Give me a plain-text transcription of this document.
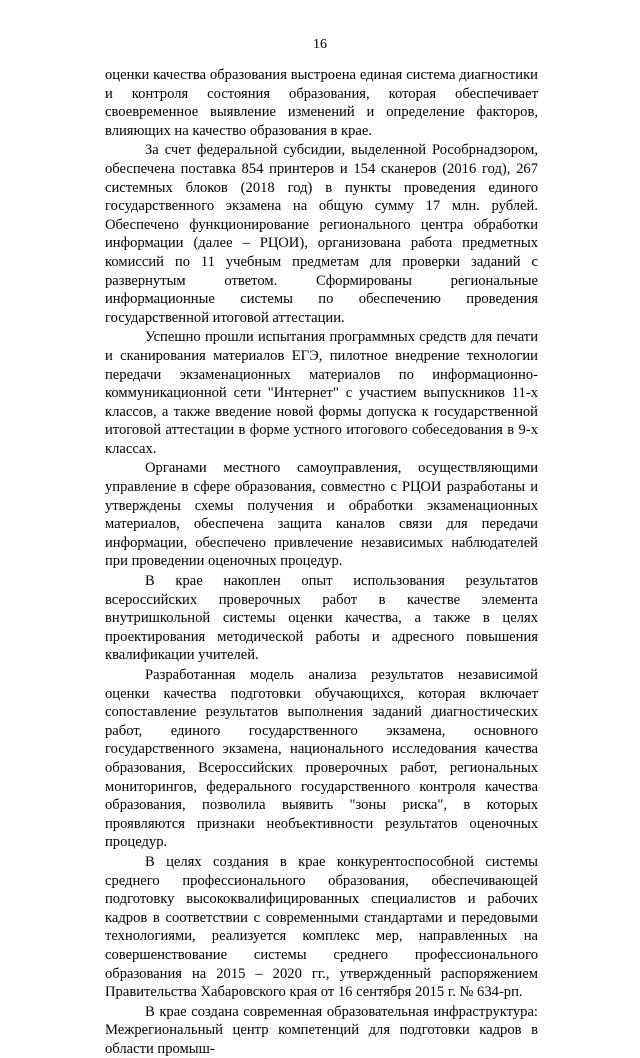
16

оценки качества образования выстроена единая система диагностики и контроля состояния образования, которая обеспечивает своевременное выявление изменений и определение факторов, влияющих на качество образования в крае.

За счет федеральной субсидии, выделенной Рособрнадзором, обеспечена поставка 854 принтеров и 154 сканеров (2016 год), 267 системных блоков (2018 год) в пункты проведения единого государственного экзамена на общую сумму 17 млн. рублей. Обеспечено функционирование регионального центра обработки информации (далее – РЦОИ), организована работа предметных комиссий по 11 учебным предметам для проверки заданий с развернутым ответом. Сформированы региональные информационные системы по обеспечению проведения государственной итоговой аттестации.

Успешно прошли испытания программных средств для печати и сканирования материалов ЕГЭ, пилотное внедрение технологии передачи экзаменационных материалов по информационно-коммуникационной сети "Интернет" с участием выпускников 11-х классов, а также введение новой формы допуска к государственной итоговой аттестации в форме устного итогового собеседования в 9-х классах.

Органами местного самоуправления, осуществляющими управление в сфере образования, совместно с РЦОИ разработаны и утверждены схемы получения и обработки экзаменационных материалов, обеспечена защита каналов связи для передачи информации, обеспечено привлечение независимых наблюдателей при проведении оценочных процедур.

В крае накоплен опыт использования результатов всероссийских проверочных работ в качестве элемента внутришкольной системы оценки качества, а также в целях проектирования методической работы и адресного повышения квалификации учителей.

Разработанная модель анализа результатов независимой оценки качества подготовки обучающихся, которая включает сопоставление результатов выполнения заданий диагностических работ, единого государственного экзамена, основного государственного экзамена, национального исследования качества образования, Всероссийских проверочных работ, региональных мониторингов, федерального государственного контроля качества образования, позволила выявить "зоны риска", в которых проявляются признаки необъективности результатов оценочных процедур.

В целях создания в крае конкурентоспособной системы среднего профессионального образования, обеспечивающей подготовку высококвалифицированных специалистов и рабочих кадров в соответствии с современными стандартами и передовыми технологиями, реализуется комплекс мер, направленных на совершенствование системы среднего профессионального образования на 2015 – 2020 гг., утвержденный распоряжением Правительства Хабаровского края от 16 сентября 2015 г. № 634-рп.

В крае создана современная образовательная инфраструктура: Межрегиональный центр компетенций для подготовки кадров в области промыш-
